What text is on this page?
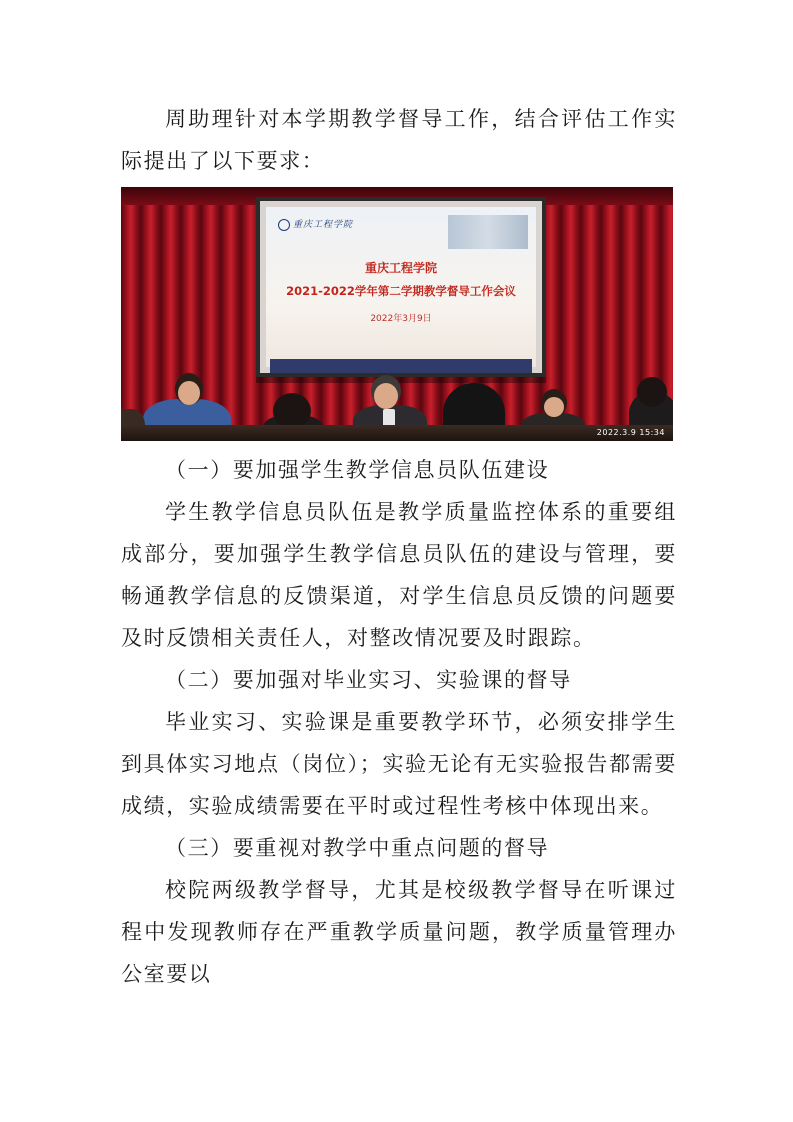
周助理针对本学期教学督导工作，结合评估工作实际提出了以下要求：

重庆工程学院
重庆工程学院
2021-2022学年第二学期教学督导工作会议
2022年3月9日
2022.3.9 15:34

（一）要加强学生教学信息员队伍建设

学生教学信息员队伍是教学质量监控体系的重要组成部分，要加强学生教学信息员队伍的建设与管理，要畅通教学信息的反馈渠道，对学生信息员反馈的问题要及时反馈相关责任人，对整改情况要及时跟踪。

（二）要加强对毕业实习、实验课的督导

毕业实习、实验课是重要教学环节，必须安排学生到具体实习地点（岗位）；实验无论有无实验报告都需要成绩，实验成绩需要在平时或过程性考核中体现出来。

（三）要重视对教学中重点问题的督导

校院两级教学督导，尤其是校级教学督导在听课过程中发现教师存在严重教学质量问题，教学质量管理办公室要以
